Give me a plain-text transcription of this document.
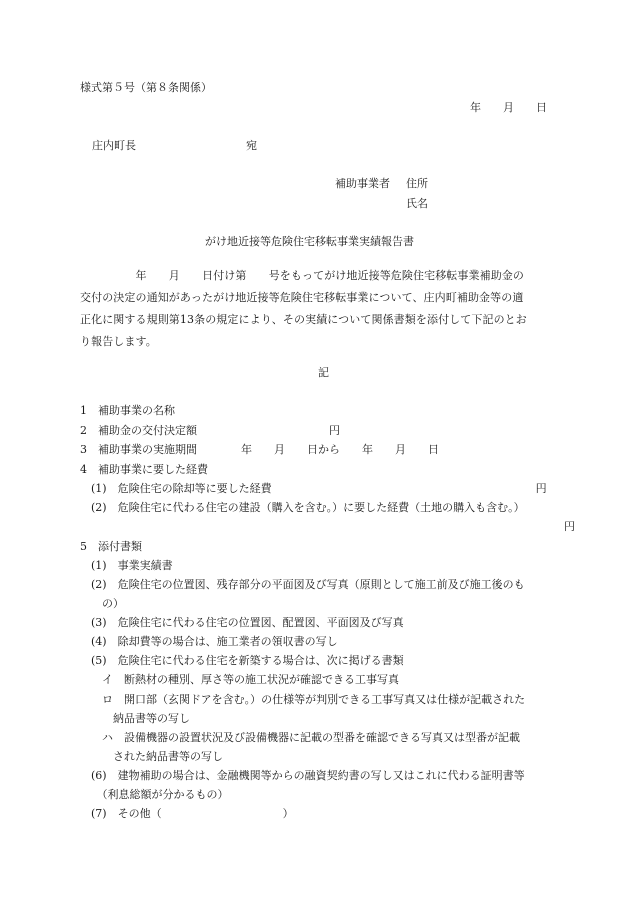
様式第５号（第８条関係）
年　　月　　日
庄内町長　　　　　　　　　　宛
補助事業者 住所
氏名
がけ地近接等危険住宅移転事業実績報告書
　　　　　年　　月　　日付け第　　号をもってがけ地近接等危険住宅移転事業補助金の
交付の決定の通知があったがけ地近接等危険住宅移転事業について、庄内町補助金等の適
正化に関する規則第13条の規定により、その実績について関係書類を添付して下記のとお
り報告します。
記
1　補助事業の名称
2　補助金の交付決定額　　　　　　　　　　　　円
3　補助事業の実施期間　　　　年　　月　　日から　　年　　月　　日
4　補助事業に要した経費
　(1)　危険住宅の除却等に要した経費　　　　　　　　　　　　　　　　　　　　　　　　円
　(2)　危険住宅に代わる住宅の建設（購入を含む。）に要した経費（土地の購入も含む。）
　　　　　　　　　　　　　　　　　　　　　　　　　　　　　　　　　　　　　　　　　　　　円
5　添付書類
　(1)　事業実績書
　(2)　危険住宅の位置図、残存部分の平面図及び写真（原則として施工前及び施工後のも
　　の）
　(3)　危険住宅に代わる住宅の位置図、配置図、平面図及び写真
　(4)　除却費等の場合は、施工業者の領収書の写し
　(5)　危険住宅に代わる住宅を新築する場合は、次に掲げる書類
　　イ　断熱材の種別、厚さ等の施工状況が確認できる工事写真
　　ロ　開口部（玄関ドアを含む。）の仕様等が判別できる工事写真又は仕様が記載された
　　　納品書等の写し
　　ハ　設備機器の設置状況及び設備機器に記載の型番を確認できる写真又は型番が記載
　　　された納品書等の写し
　(6)　建物補助の場合は、金融機関等からの融資契約書の写し又はこれに代わる証明書等
　　（利息総額が分かるもの）
　(7)　その他（　　　　　　　　　　　）
